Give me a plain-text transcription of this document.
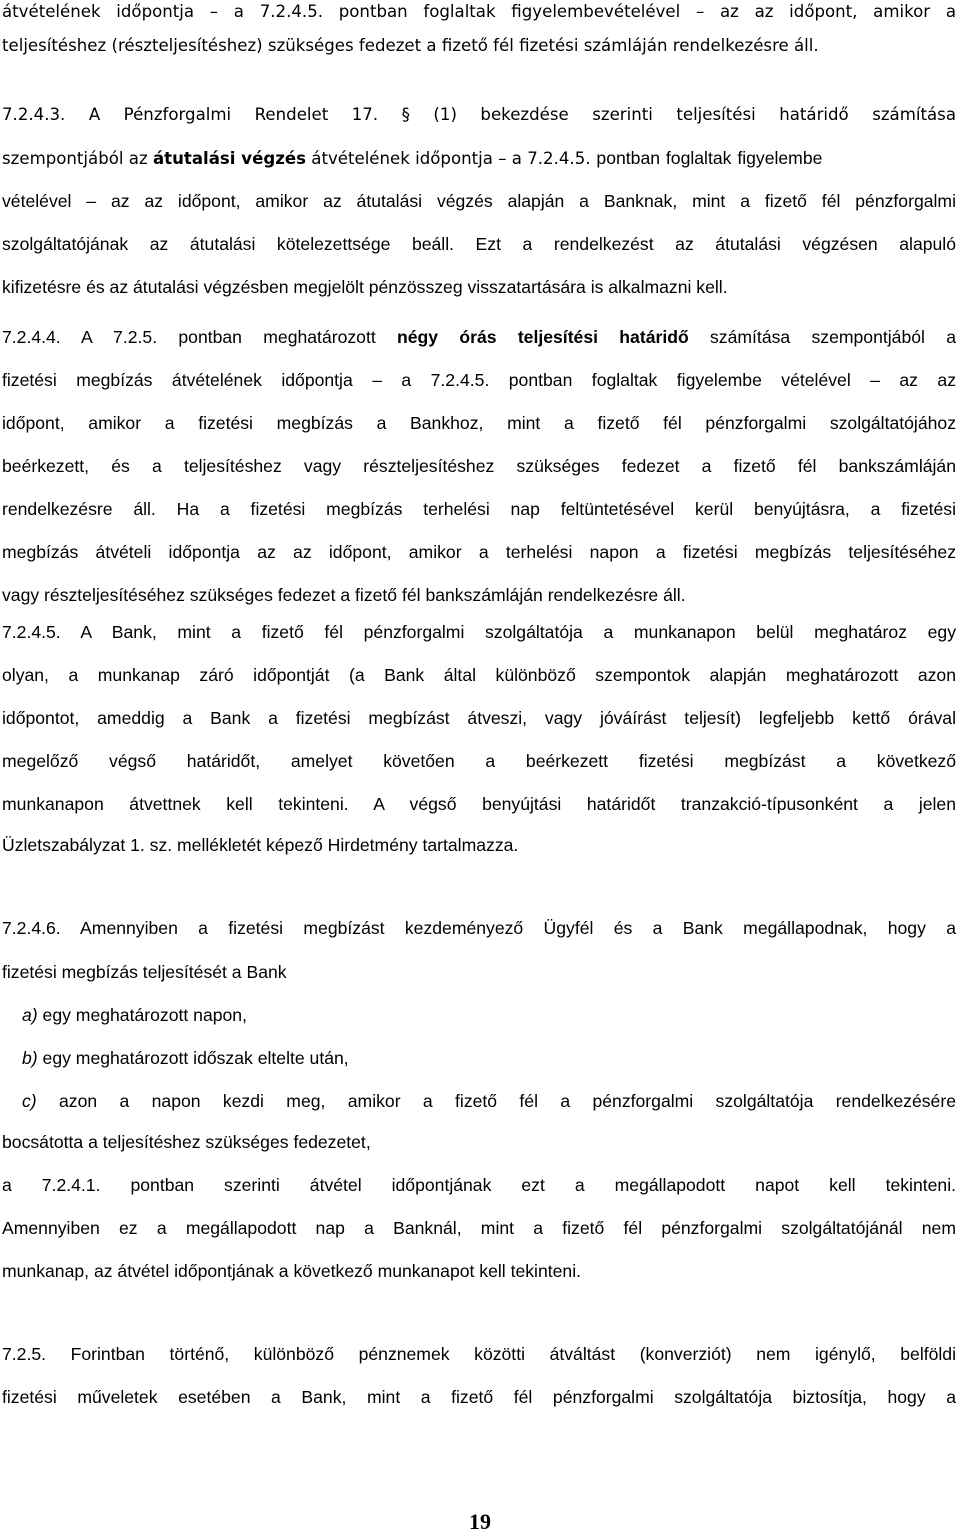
átvételének időpontja – a 7.2.4.5. pontban foglaltak figyelembevételével – az az időpont, amikor a
teljesítéshez (részteljesítéshez) szükséges fedezet a fizető fél fizetési számláján rendelkezésre áll.
7.2.4.3. A Pénzforgalmi Rendelet 17. § (1) bekezdése szerinti teljesítési határidő számítása
szempontjából az átutalási végzés átvételének időpontja – a 7.2.4.5. pontban foglaltak figyelembe
vételével – az az időpont, amikor az átutalási végzés alapján a Banknak, mint a fizető fél pénzforgalmi
szolgáltatójának az átutalási kötelezettsége beáll. Ezt a rendelkezést az átutalási végzésen alapuló
kifizetésre és az átutalási végzésben megjelölt pénzösszeg visszatartására is alkalmazni kell.
7.2.4.4. A 7.2.5. pontban meghatározott négy órás teljesítési határidő számítása szempontjából a
fizetési megbízás átvételének időpontja – a 7.2.4.5. pontban foglaltak figyelembe vételével – az az
időpont, amikor a fizetési megbízás a Bankhoz, mint a fizető fél pénzforgalmi szolgáltatójához
beérkezett, és a teljesítéshez vagy részteljesítéshez szükséges fedezet a fizető fél bankszámláján
rendelkezésre áll. Ha a fizetési megbízás terhelési nap feltüntetésével kerül benyújtásra, a fizetési
megbízás átvételi időpontja az az időpont, amikor a terhelési napon a fizetési megbízás teljesítéséhez
vagy részteljesítéséhez szükséges fedezet a fizető fél bankszámláján rendelkezésre áll.
7.2.4.5. A Bank, mint a fizető fél pénzforgalmi szolgáltatója a munkanapon belül meghatároz egy
olyan, a munkanap záró időpontját (a Bank által különböző szempontok alapján meghatározott azon
időpontot, ameddig a Bank a fizetési megbízást átveszi, vagy jóváírást teljesít) legfeljebb kettő órával
megelőző végső határidőt, amelyet követően a beérkezett fizetési megbízást a következő
munkanapon átvettnek kell tekinteni. A végső benyújtási határidőt tranzakció-típusonként a jelen
Üzletszabályzat 1. sz. mellékletét képező Hirdetmény tartalmazza.
7.2.4.6. Amennyiben a fizetési megbízást kezdeményező Ügyfél és a Bank megállapodnak, hogy a
fizetési megbízás teljesítését a Bank
a) egy meghatározott napon,
b) egy meghatározott időszak eltelte után,
c) azon a napon kezdi meg, amikor a fizető fél a pénzforgalmi szolgáltatója rendelkezésére
bocsátotta a teljesítéshez szükséges fedezetet,
a 7.2.4.1. pontban szerinti átvétel időpontjának ezt a megállapodott napot kell tekinteni.
Amennyiben ez a megállapodott nap a Banknál, mint a fizető fél pénzforgalmi szolgáltatójánál nem
munkanap, az átvétel időpontjának a következő munkanapot kell tekinteni.
7.2.5. Forintban történő, különböző pénznemek közötti átváltást (konverziót) nem igénylő, belföldi
fizetési műveletek esetében a Bank, mint a fizető fél pénzforgalmi szolgáltatója biztosítja, hogy a
19
